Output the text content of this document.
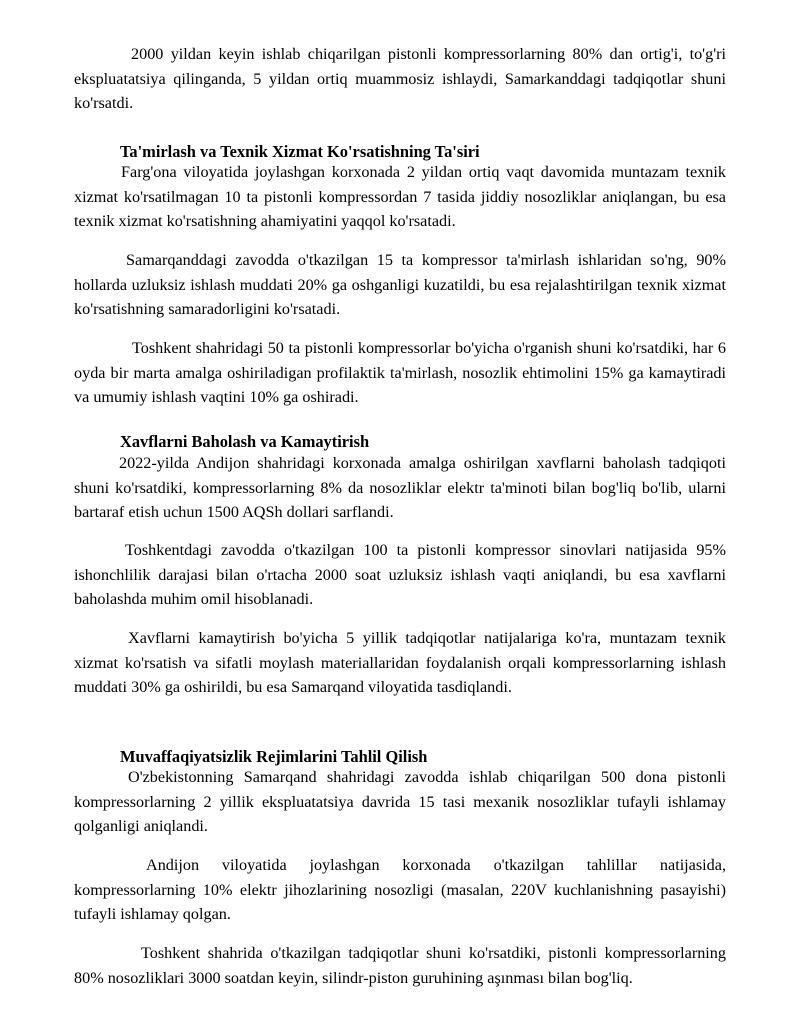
2000 yildan keyin ishlab chiqarilgan pistonli kompressorlarning 80% dan ortig'i, to'g'ri ekspluatatsiya qilinganda, 5 yildan ortiq muammosiz ishlaydi, Samarkanddagi tadqiqotlar shuni ko'rsatdi.

Ta'mirlash va Texnik Xizmat Ko'rsatishning Ta'siri

Farg'ona viloyatida joylashgan korxonada 2 yildan ortiq vaqt davomida muntazam texnik xizmat ko'rsatilmagan 10 ta pistonli kompressordan 7 tasida jiddiy nosozliklar aniqlangan, bu esa texnik xizmat ko'rsatishning ahamiyatini yaqqol ko'rsatadi.

Samarqanddagi zavodda o'tkazilgan 15 ta kompressor ta'mirlash ishlaridan so'ng, 90% hollarda uzluksiz ishlash muddati 20% ga oshganligi kuzatildi, bu esa rejalashtirilgan texnik xizmat ko'rsatishning samaradorligini ko'rsatadi.

Toshkent shahridagi 50 ta pistonli kompressorlar bo'yicha o'rganish shuni ko'rsatdiki, har 6 oyda bir marta amalga oshiriladigan profilaktik ta'mirlash, nosozlik ehtimolini 15% ga kamaytiradi va umumiy ishlash vaqtini 10% ga oshiradi.

Xavflarni Baholash va Kamaytirish

2022-yilda Andijon shahridagi korxonada amalga oshirilgan xavflarni baholash tadqiqoti shuni ko'rsatdiki, kompressorlarning 8% da nosozliklar elektr ta'minoti bilan bog'liq bo'lib, ularni bartaraf etish uchun 1500 AQSh dollari sarflandi.

Toshkentdagi zavodda o'tkazilgan 100 ta pistonli kompressor sinovlari natijasida 95% ishonchlilik darajasi bilan o'rtacha 2000 soat uzluksiz ishlash vaqti aniqlandi, bu esa xavflarni baholashda muhim omil hisoblanadi.

Xavflarni kamaytirish bo'yicha 5 yillik tadqiqotlar natijalariga ko'ra, muntazam texnik xizmat ko'rsatish va sifatli moylash materiallaridan foydalanish orqali kompressorlarning ishlash muddati 30% ga oshirildi, bu esa Samarqand viloyatida tasdiqlandi.

Muvaffaqiyatsizlik Rejimlarini Tahlil Qilish

O'zbekistonning Samarqand shahridagi zavodda ishlab chiqarilgan 500 dona pistonli kompressorlarning 2 yillik ekspluatatsiya davrida 15 tasi mexanik nosozliklar tufayli ishlamay qolganligi aniqlandi.

Andijon viloyatida joylashgan korxonada o'tkazilgan tahlillar natijasida, kompressorlarning 10% elektr jihozlarining nosozligi (masalan, 220V kuchlanishning pasayishi) tufayli ishlamay qolgan.

Toshkent shahrida o'tkazilgan tadqiqotlar shuni ko'rsatdiki, pistonli kompressorlarning 80% nosozliklari 3000 soatdan keyin, silindr-piston guruhining aşınması bilan bog'liq.
